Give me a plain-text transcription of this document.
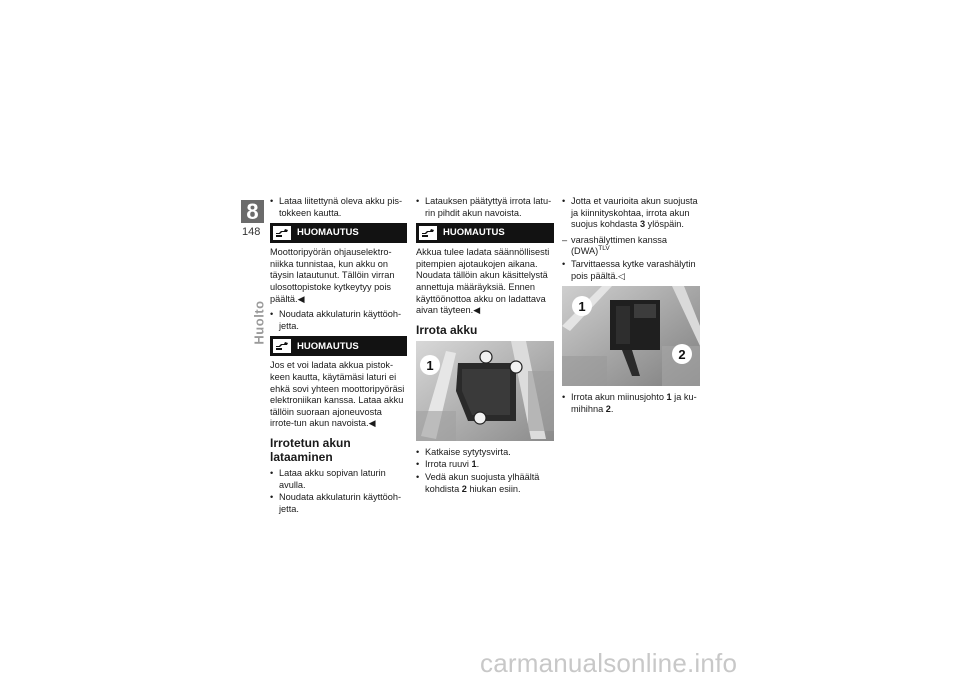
8
148
Huolto
• Lataa liitettynä oleva akku pis-tokkeen kautta.
HUOMAUTUS
Moottoripyörän ohjauselektro-niikka tunnistaa, kun akku on täysin latautunut. Tällöin virran ulosottopistoke kytkeytyy pois päältä.◀
• Noudata akkulaturin käyttöoh-jetta.
HUOMAUTUS
Jos et voi ladata akkua pistok-keen kautta, käytämäsi laturi ei ehkä sovi yhteen moottoripyöräsi elektroniikan kanssa. Lataa akku tällöin suoraan ajoneuvosta irrote-tun akun navoista.◀
Irrotetun akun lataaminen
• Lataa akku sopivan laturin avulla.
• Noudata akkulaturin käyttöoh-jetta.
• Latauksen päätyttyä irrota latu-rin pihdit akun navoista.
HUOMAUTUS
Akkua tulee ladata säännöllisesti pitempien ajotaukojen aikana. Noudata tällöin akun käsittelystä annettuja määräyksiä. Ennen käyttöönottoa akku on ladattava aivan täyteen.◀
Irrota akku
1
• Katkaise sytytysvirta.
• Irrota ruuvi 1.
• Vedä akun suojusta ylhäältä kohdista 2 hiukan esiin.
• Jotta et vaurioita akun suojusta ja kiinnityskohtaa, irrota akun suojus kohdasta 3 ylöspäin.
– varashälyttimen kanssa (DWA)$^{TLV}$
• Tarvittaessa kytke varashälytin pois päältä.◁
1
2
• Irrota akun miinusjohto 1 ja ku-mihihna 2.
carmanualsonline.info
